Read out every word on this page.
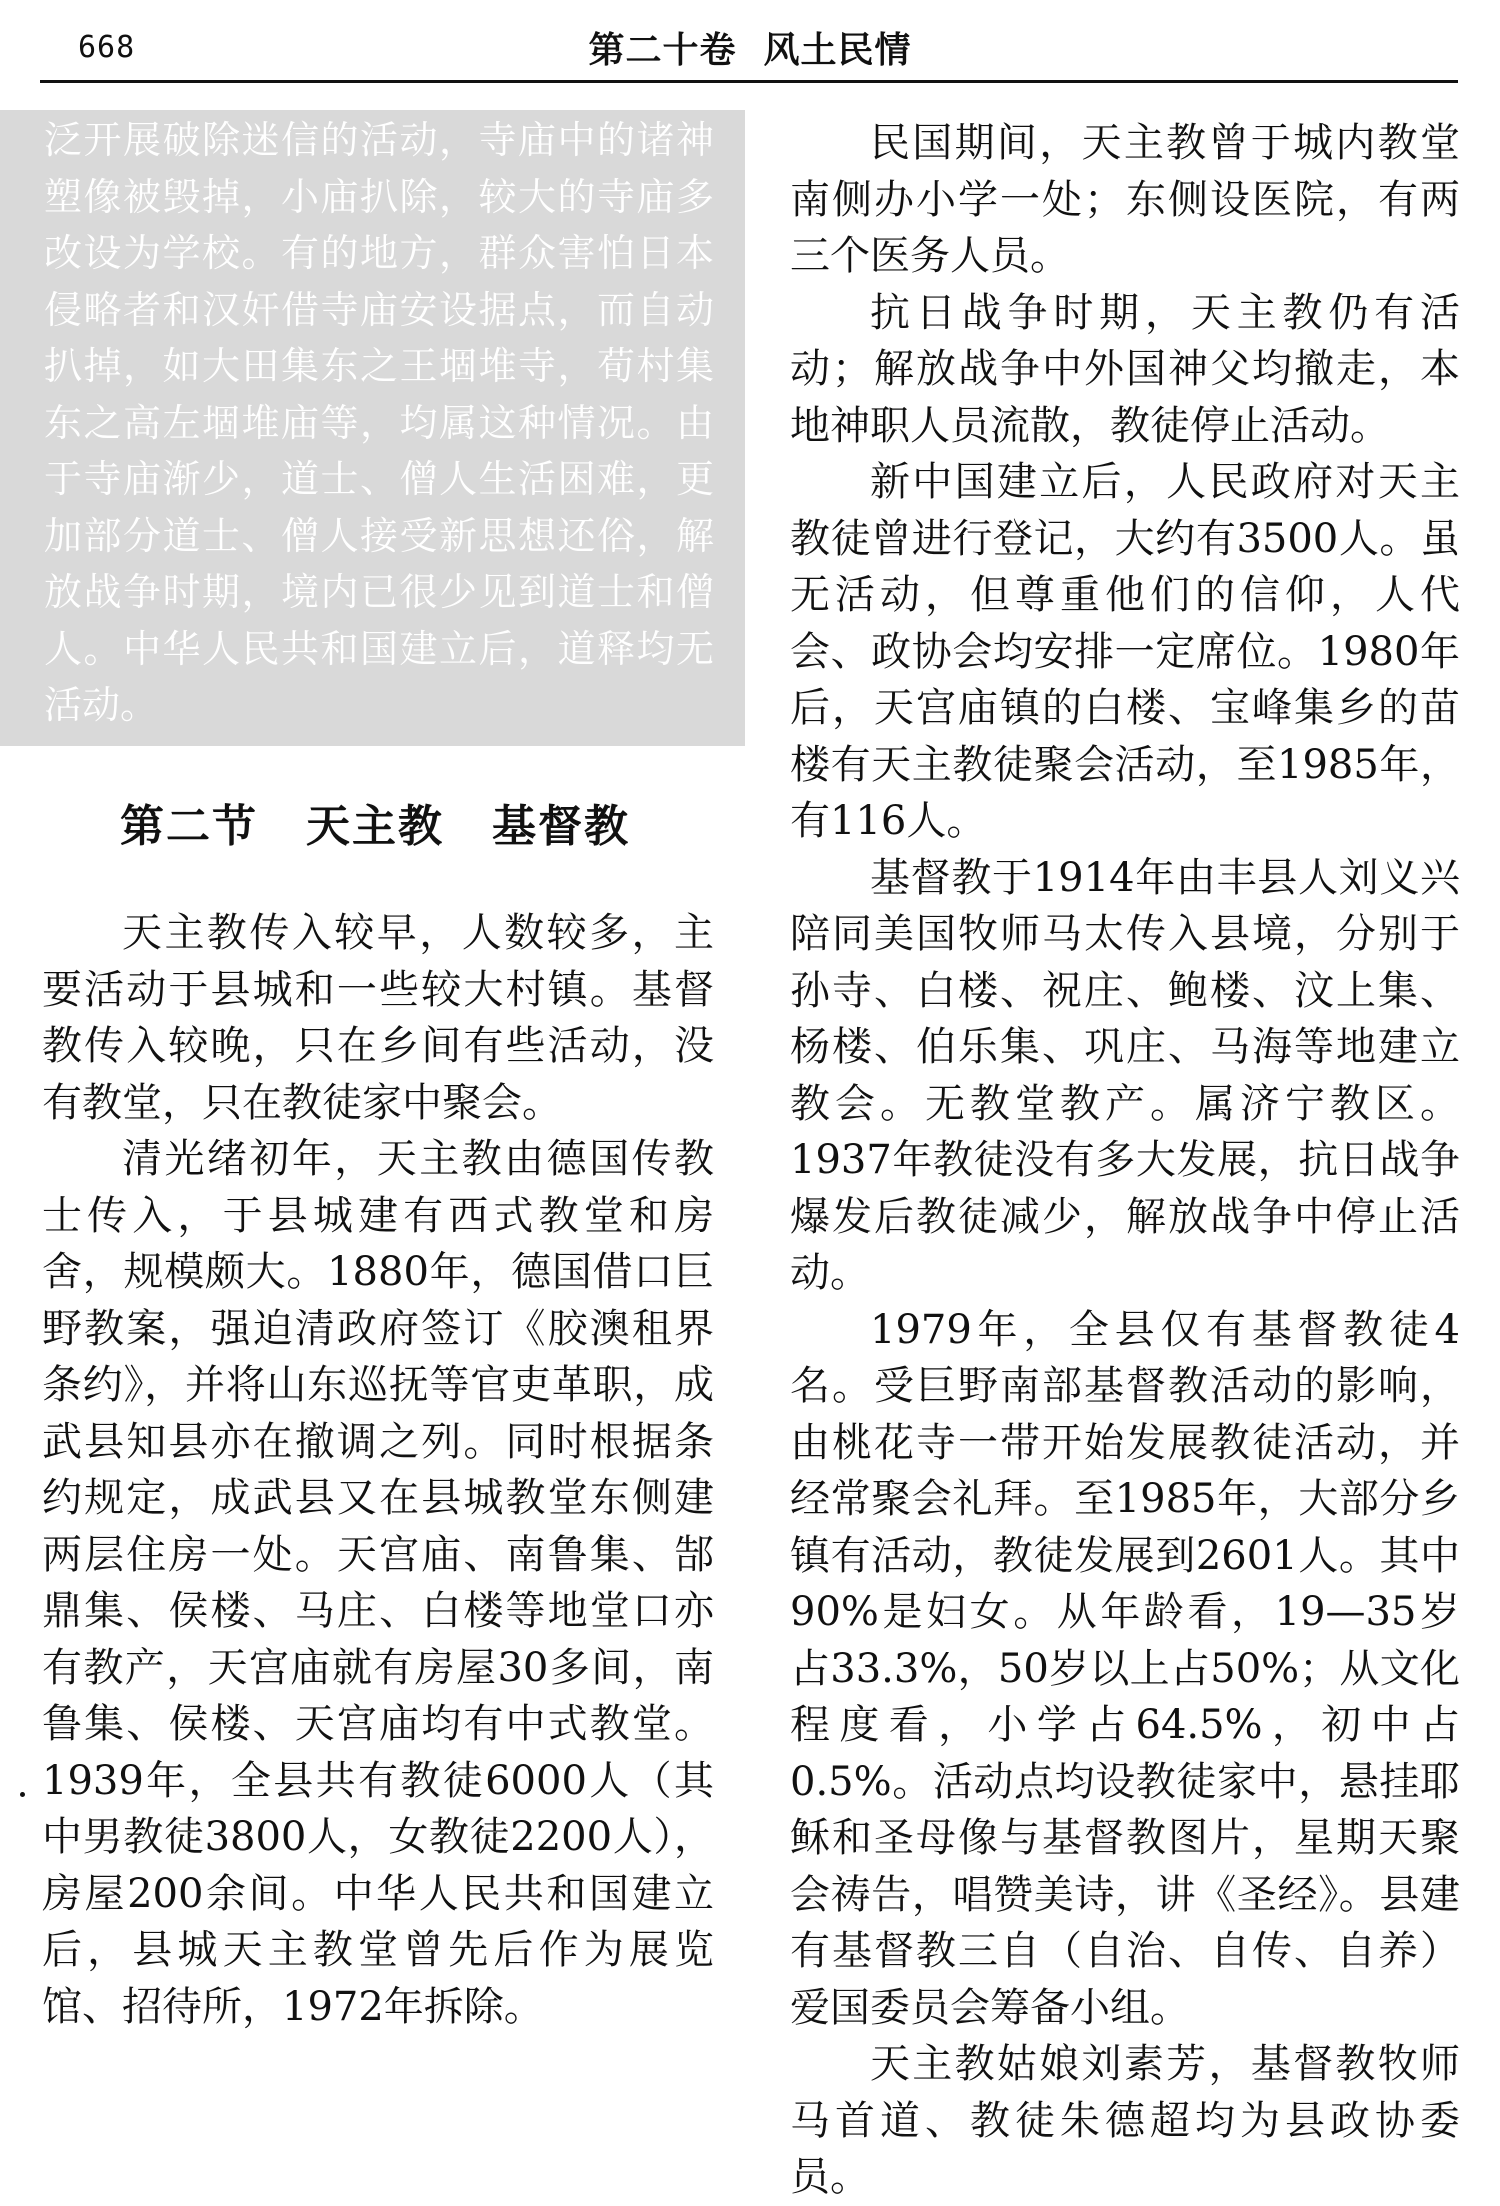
668	第二十卷  风土民情
泛开展破除迷信的活动，寺庙中的诸神塑像被毁掉，小庙扒除，较大的寺庙多改设为学校。有的地方，群众害怕日本侵略者和汉奸借寺庙安设据点，而自动扒掉，如大田集东之王堌堆寺，荀村集东之高左堌堆庙等，均属这种情况。由于寺庙渐少，道士、僧人生活困难，更加部分道士、僧人接受新思想还俗，解放战争时期，境内已很少见到道士和僧人。中华人民共和国建立后，道释均无活动。
第二节 天主教 基督教

天主教传入较早，人数较多，主要活动于县城和一些较大村镇。基督教传入较晚，只在乡间有些活动，没有教堂，只在教徒家中聚会。

清光绪初年，天主教由德国传教士传入，于县城建有西式教堂和房舍，规模颇大。1880年，德国借口巨野教案，强迫清政府签订《胶澳租界条约》，并将山东巡抚等官吏革职，成武县知县亦在撤调之列。同时根据条约规定，成武县又在县城教堂东侧建两层住房一处。天宫庙、南鲁集、郜鼎集、侯楼、马庄、白楼等地堂口亦有教产，天宫庙就有房屋30多间，南鲁集、侯楼、天宫庙均有中式教堂。1939年，全县共有教徒6000人（其中男教徒3800人，女教徒2200人），房屋200余间。中华人民共和国建立后，县城天主教堂曾先后作为展览馆、招待所，1972年拆除。

民国期间，天主教曾于城内教堂南侧办小学一处；东侧设医院，有两三个医务人员。

抗日战争时期，天主教仍有活动；解放战争中外国神父均撤走，本地神职人员流散，教徒停止活动。

新中国建立后，人民政府对天主教徒曾进行登记，大约有3500人。虽无活动，但尊重他们的信仰，人代会、政协会均安排一定席位。1980年后，天宫庙镇的白楼、宝峰集乡的苗楼有天主教徒聚会活动，至1985年，有116人。

基督教于1914年由丰县人刘义兴陪同美国牧师马太传入县境，分别于孙寺、白楼、祝庄、鲍楼、汶上集、杨楼、伯乐集、巩庄、马海等地建立教会。无教堂教产。属济宁教区。1937年教徒没有多大发展，抗日战争爆发后教徒减少，解放战争中停止活动。

1979年，全县仅有基督教徒4名。受巨野南部基督教活动的影响，由桃花寺一带开始发展教徒活动，并经常聚会礼拜。至1985年，大部分乡镇有活动，教徒发展到2601人。其中90%是妇女。从年龄看，19—35岁占33.3%，50岁以上占50%；从文化程度看，小学占64.5%，初中占0.5%。活动点均设教徒家中，悬挂耶稣和圣母像与基督教图片，星期天聚会祷告，唱赞美诗，讲《圣经》。县建有基督教三自（自治、自传、自养）爱国委员会筹备小组。

天主教姑娘刘素芳，基督教牧师马首道、教徒朱德超均为县政协委员。
